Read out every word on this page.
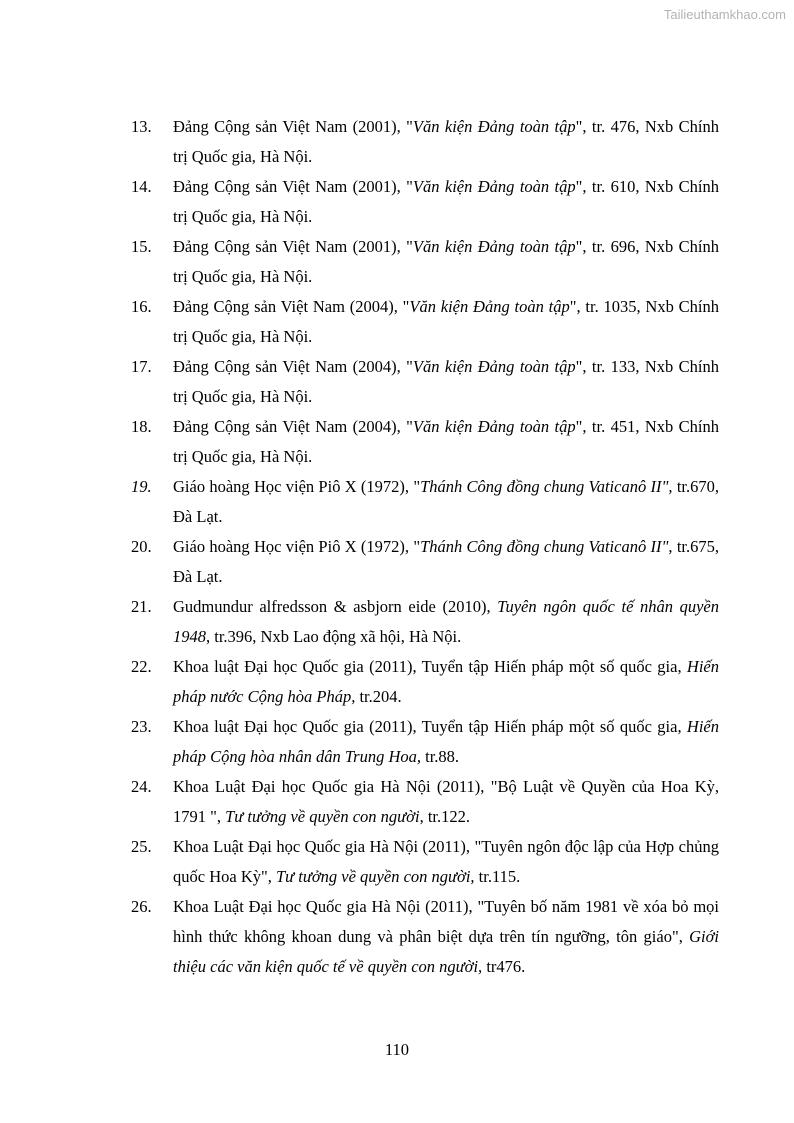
Tailieuthamkhao.com
13.	Đảng Cộng sản Việt Nam (2001), "Văn kiện Đảng toàn tập", tr. 476, Nxb Chính trị Quốc gia, Hà Nội.
14.	Đảng Cộng sản Việt Nam (2001), "Văn kiện Đảng toàn tập", tr. 610, Nxb Chính trị Quốc gia, Hà Nội.
15.	Đảng Cộng sản Việt Nam (2001), "Văn kiện Đảng toàn tập", tr. 696, Nxb Chính trị Quốc gia, Hà Nội.
16.	Đảng Cộng sản Việt Nam (2004), "Văn kiện Đảng toàn tập", tr. 1035, Nxb Chính trị Quốc gia, Hà Nội.
17.	Đảng Cộng sản Việt Nam (2004), "Văn kiện Đảng toàn tập", tr. 133, Nxb Chính trị Quốc gia, Hà Nội.
18.	Đảng Cộng sản Việt Nam (2004), "Văn kiện Đảng toàn tập", tr. 451, Nxb Chính trị Quốc gia, Hà Nội.
19.	Giáo hoàng Học viện Piô X (1972), "Thánh Công đồng chung Vaticanô II", tr.670, Đà Lạt.
20.	Giáo hoàng Học viện Piô X (1972), "Thánh Công đồng chung Vaticanô II", tr.675, Đà Lạt.
21.	Gudmundur alfredsson & asbjorn eide (2010), Tuyên ngôn quốc tế nhân quyền 1948, tr.396, Nxb Lao động xã hội, Hà Nội.
22.	Khoa luật Đại học Quốc gia (2011), Tuyển tập Hiến pháp một số quốc gia, Hiến pháp nước Cộng hòa Pháp, tr.204.
23.	Khoa luật Đại học Quốc gia (2011), Tuyển tập Hiến pháp một số quốc gia, Hiến pháp Cộng hòa nhân dân Trung Hoa, tr.88.
24.	Khoa Luật Đại học Quốc gia Hà Nội (2011), "Bộ Luật về Quyền của Hoa Kỳ, 1791 ", Tư tưởng về quyền con người, tr.122.
25.	Khoa Luật Đại học Quốc gia Hà Nội (2011), "Tuyên ngôn độc lập của Hợp chủng quốc Hoa Kỳ", Tư tưởng về quyền con người, tr.115.
26.	Khoa Luật Đại học Quốc gia Hà Nội (2011), "Tuyên bố năm 1981 về xóa bỏ mọi hình thức không khoan dung và phân biệt dựa trên tín ngưỡng, tôn giáo", Giới thiệu các văn kiện quốc tế về quyền con người, tr476.
110
